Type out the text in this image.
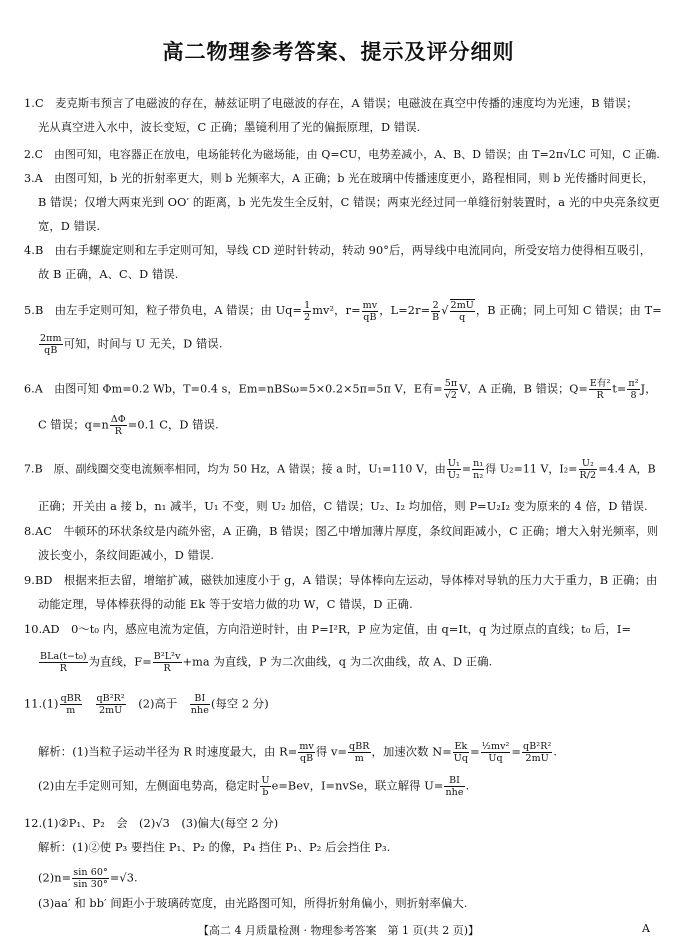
高二物理参考答案、提示及评分细则
1.C　麦克斯韦预言了电磁波的存在，赫兹证明了电磁波的存在，A 错误；电磁波在真空中传播的速度均为光速，B 错误；
光从真空进入水中，波长变短，C 正确；墨镜利用了光的偏振原理，D 错误.
2.C　由图可知，电容器正在放电，电场能转化为磁场能，由 Q=CU，电势差减小，A、B、D 错误；由 T=2π√LC 可知，C 正确.
3.A　由图可知，b 光的折射率更大，则 b 光频率大，A 正确；b 光在玻璃中传播速度更小，路程相同，则 b 光传播时间更长，
B 错误；仅增大两束光到 OO′ 的距离，b 光先发生全反射，C 错误；两束光经过同一单缝衍射装置时，a 光的中央亮条纹更
宽，D 错误.
4.B　由右手螺旋定则和左手定则可知，导线 CD 逆时针转动，转动 90°后，两导线中电流同向，所受安培力使得相互吸引，
故 B 正确，A、C、D 错误.
5.B　由左手定则可知，粒子带负电，A 错误；由 $Uq= \frac{1}{2} mv^2$，$r= \frac{mv}{qB}$ ，$L=2r= \frac{2}{B}$ √ $\frac{2mU}{q}$ ，B 正确；同上可知 C 错误；由 T=
$\frac{2\pi m}{qB}$ 可知，时间与 U 无关，D 错误.
6.A　由图可知 Φm=0.2 Wb，T=0.4 s，Em=nBSω=5×0.2×5π=5π V，E有= $\frac{5\pi}{√2}$ V，A 正确，B 错误；$Q= \frac{\text{E有²}}{R} t= \frac{\text{π²}}{8}$ J，
C 错误；$q=n \frac{\Delta\Phi}{R} =0.1$ C，D 错误.
7.B　原、副线圈交变电流频率相同，均为 50 Hz，A 错误；接 a 时，U₁=110 V，由 $\frac{\text{U₁}}{\text{U₂}} = \frac{\text{n₁}}{\text{n₂}}$ 得 U₂=11 V，$I_2= \frac{\text{U₂}}{R/2} =4.4$ A，B
正确；开关由 a 接 b，n₁ 减半，U₁ 不变，则 U₂ 加倍，C 错误；U₂、I₂ 均加倍，则 P=U₂I₂ 变为原来的 4 倍，D 错误.
8.AC　牛顿环的环状条纹是内疏外密，A 正确，B 错误；图乙中增加薄片厚度，条纹间距减小，C 正确；增大入射光频率，则
波长变小，条纹间距减小，D 错误.
9.BD　根据来拒去留，增缩扩减，磁铁加速度小于 g，A 错误；导体棒向左运动，导体棒对导轨的压力大于重力，B 正确；由
动能定理，导体棒获得的动能 Ek 等于安培力做的功 W，C 错误，D 正确.
10.AD　0～t₀ 内，感应电流为定值，方向沿逆时针，由 P=I²R，P 应为定值，由 q=It，q 为过原点的直线；t₀ 后，I=
$\frac{\text{BLa(t−t₀)}}{R}$ 为直线，$F= \frac{\text{B²L²v}}{R} +ma$ 为直线，P 为二次曲线，q 为二次曲线，故 A、D 正确.
$11.(1) \frac{\text{qBR}}{m}$
　 $\frac{\text{qB²R²}}{2mU}$
　 (2)高于　 $\frac{BI}{\text{nhe}}$ (每空 2 分)
解析：(1)当粒子运动半径为 R 时速度最大，由 $R= \frac{mv}{qB}$ 得 $v= \frac{\text{qBR}}{m}$ ，加速次数 $N= \frac{Ek}{Uq} = \frac{\text{½mv²}}{Uq} = \frac{\text{qB²R²}}{2mU}$ .
(2)由左手定则可知，左侧面电势高，稳定时 $\frac{U}{b} e=Bev$，I=nvSe，联立解得 $U= \frac{BI}{\text{nhe}}$ .
12.(1)②P₁、P₂　会　(2)√3　(3)偏大(每空 2 分)
解析：(1)②使 P₃ 要挡住 P₁、P₂ 的像，P₄ 挡住 P₁、P₂ 后会挡住 P₃.
$(2)n= \frac{\sin 60^\circ}{\sin 30^\circ} =√3$.
(3)aa′ 和 bb′ 间距小于玻璃砖宽度，由光路图可知，所得折射角偏小，则折射率偏大.
【高二 4 月质量检测 · 物理参考答案　第 1 页(共 2 页)】	A
